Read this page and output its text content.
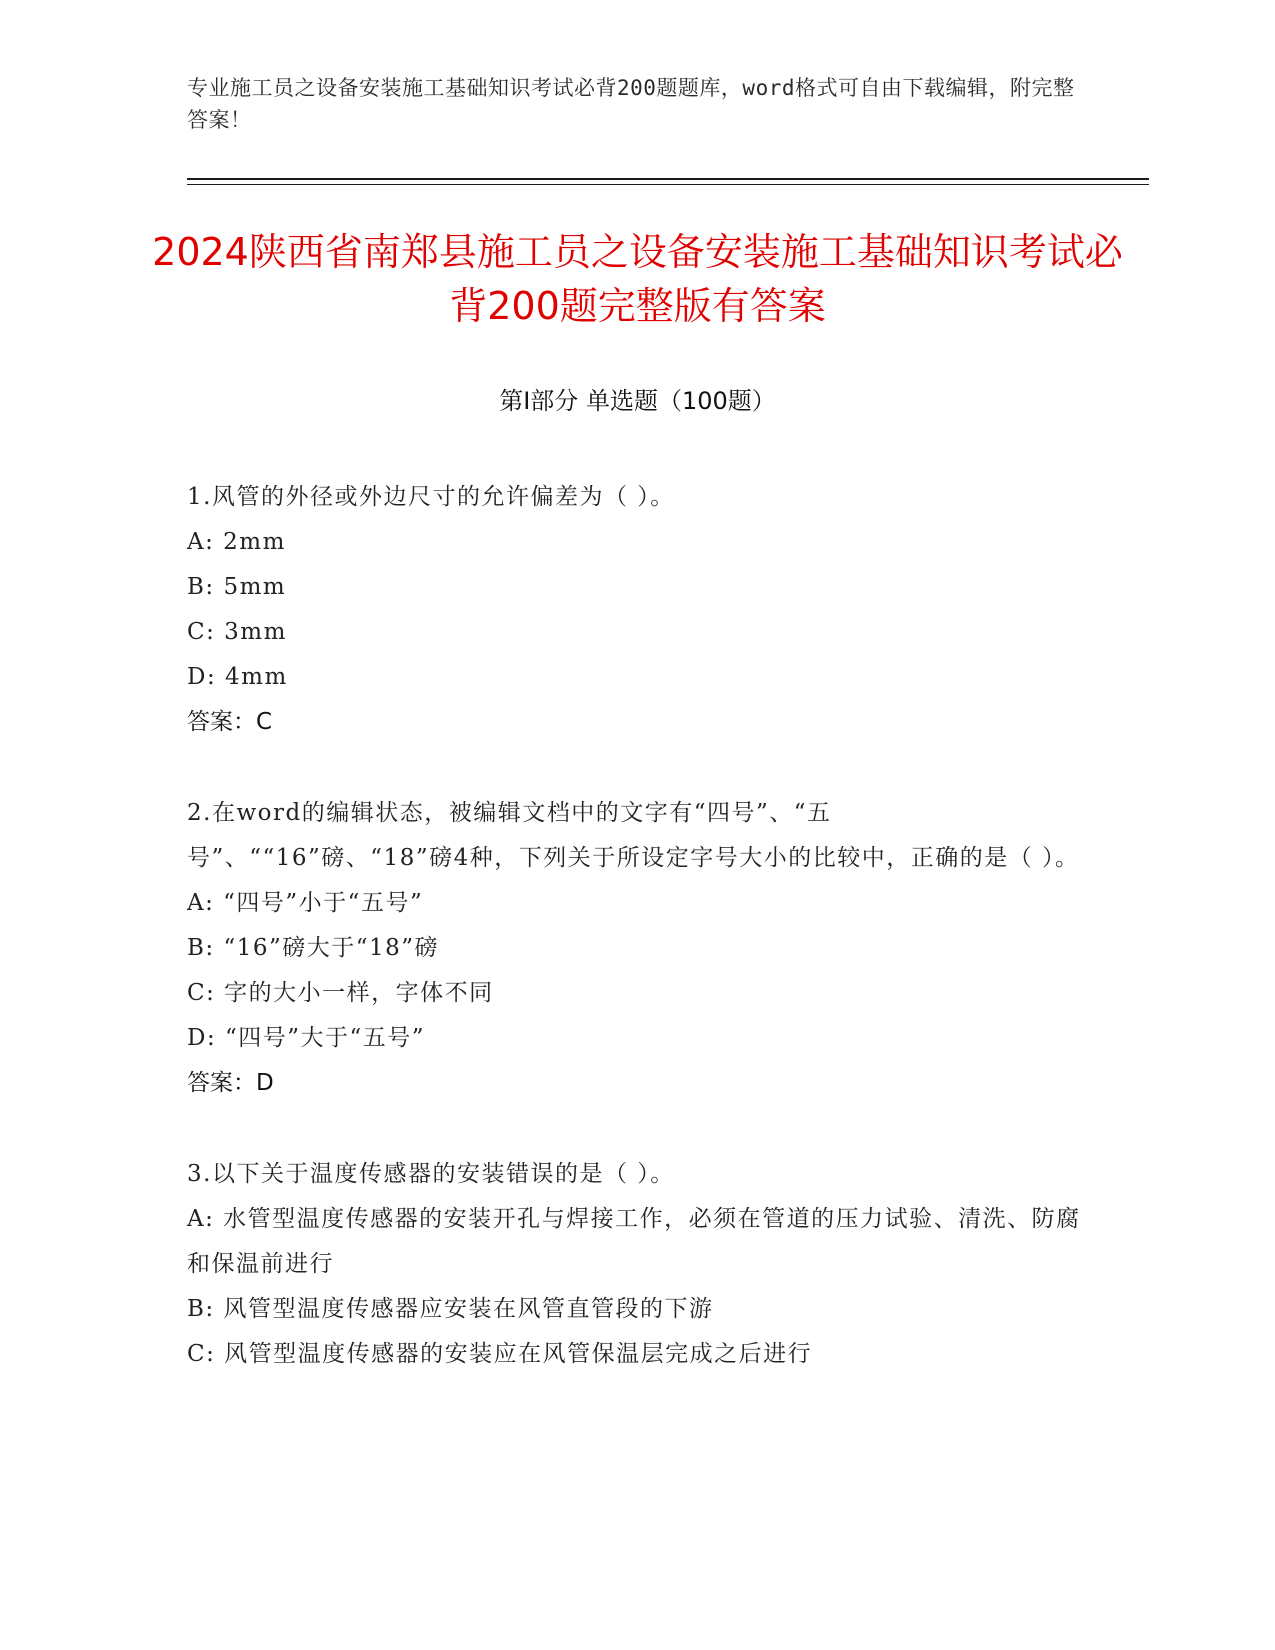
专业施工员之设备安装施工基础知识考试必背200题题库，word格式可自由下载编辑，附完整答案！
2024陕西省南郑县施工员之设备安装施工基础知识考试必背200题完整版有答案
第Ⅰ部分 单选题（100题）
1.风管的外径或外边尺寸的允许偏差为（ ）。
A: 2mm
B: 5mm
C: 3mm
D: 4mm
答案：C
2.在word的编辑状态，被编辑文档中的文字有“四号”、“五号”、““16”磅、“18”磅4种，下列关于所设定字号大小的比较中，正确的是（ ）。
A: “四号”小于“五号”
B: “16”磅大于“18”磅
C: 字的大小一样，字体不同
D: “四号”大于“五号”
答案：D
3.以下关于温度传感器的安装错误的是（ ）。
A: 水管型温度传感器的安装开孔与焊接工作，必须在管道的压力试验、清洗、防腐和保温前进行
B: 风管型温度传感器应安装在风管直管段的下游
C: 风管型温度传感器的安装应在风管保温层完成之后进行
